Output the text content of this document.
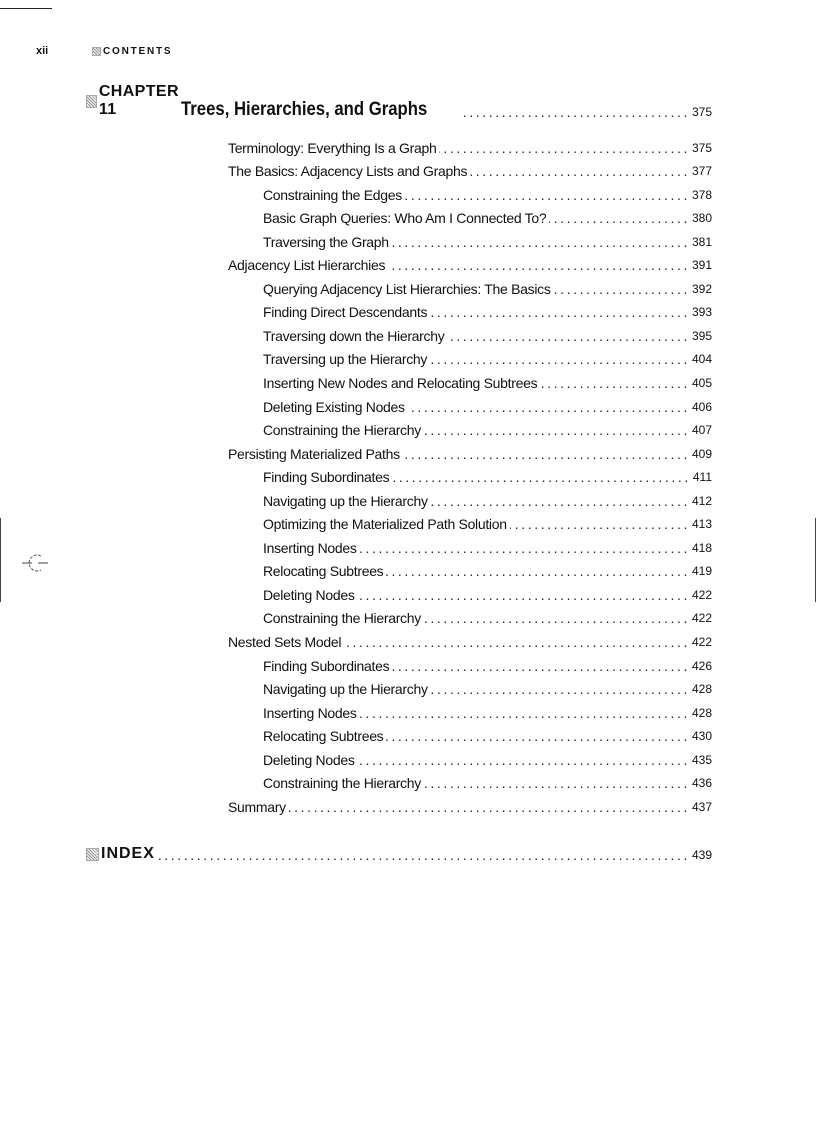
xii	CONTENTS
CHAPTER 11	Trees, Hierarchies, and Graphs .....	375
Terminology: Everything Is a Graph .....	375
The Basics: Adjacency Lists and Graphs .....	377
Constraining the Edges .....	378
Basic Graph Queries: Who Am I Connected To? .....	380
Traversing the Graph .....	381
Adjacency List Hierarchies .....	391
Querying Adjacency List Hierarchies: The Basics .....	392
Finding Direct Descendants .....	393
Traversing down the Hierarchy .....	395
Traversing up the Hierarchy .....	404
Inserting New Nodes and Relocating Subtrees .....	405
Deleting Existing Nodes .....	406
Constraining the Hierarchy .....	407
Persisting Materialized Paths .....	409
Finding Subordinates .....	411
Navigating up the Hierarchy .....	412
Optimizing the Materialized Path Solution .....	413
Inserting Nodes .....	418
Relocating Subtrees .....	419
Deleting Nodes .....	422
Constraining the Hierarchy .....	422
Nested Sets Model .....	422
Finding Subordinates .....	426
Navigating up the Hierarchy .....	428
Inserting Nodes .....	428
Relocating Subtrees .....	430
Deleting Nodes .....	435
Constraining the Hierarchy .....	436
Summary .....	437
INDEX .....	439
